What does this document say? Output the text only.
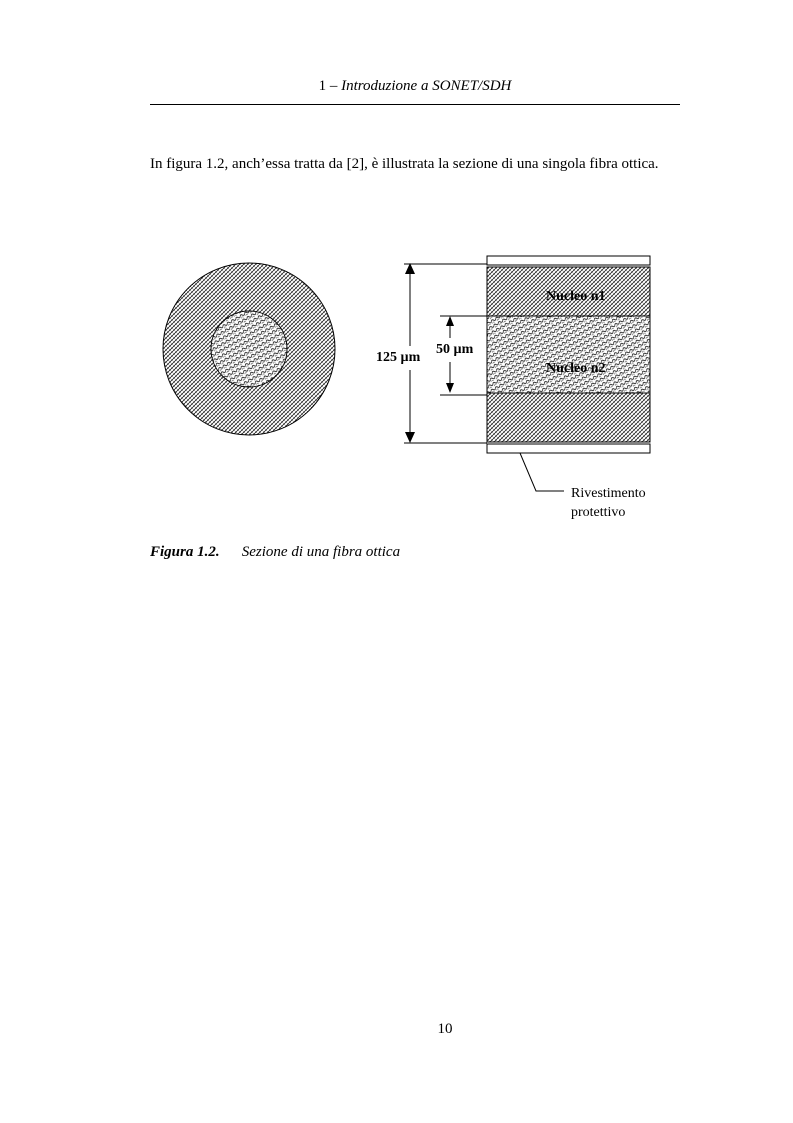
1 – Introduzione a SONET/SDH

In figura 1.2, anch’essa tratta da [2], è illustrata la sezione di una singola fibra ottica.

125 µm
50 µm
Nucleo n1
Nucleo n2
Rivestimento
protettivo
Figura 1.2. Sezione di una fibra ottica
10
